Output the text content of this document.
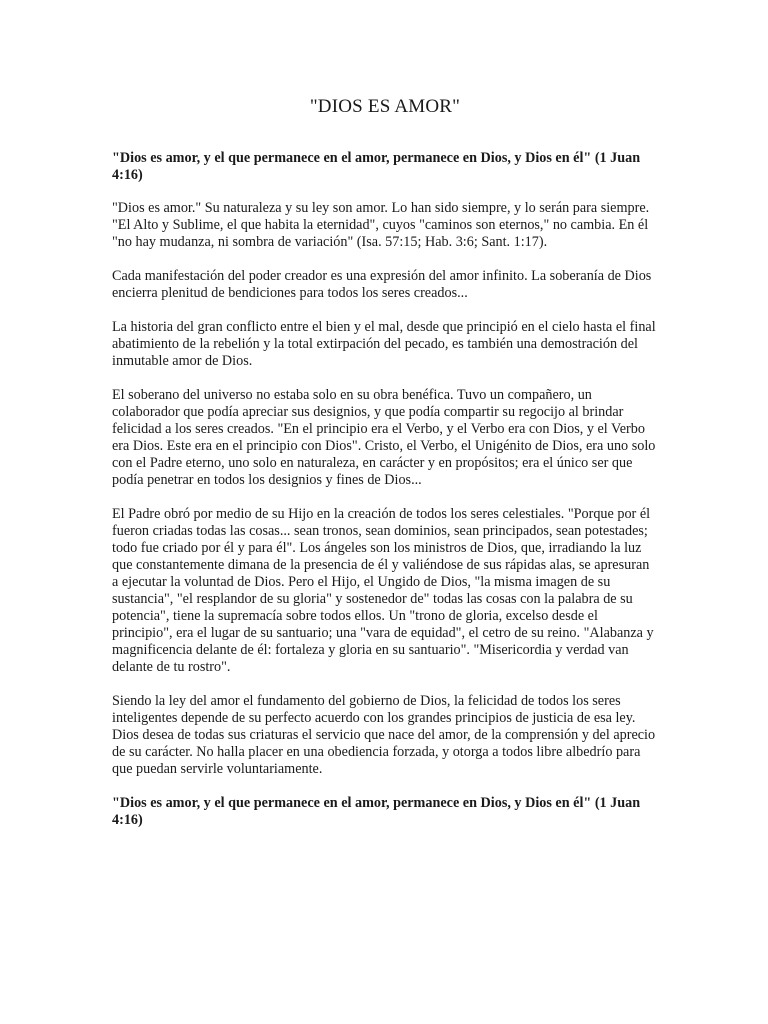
"DIOS ES AMOR"

"Dios es amor, y el que permanece en el amor, permanece en Dios, y Dios en él" (1 Juan 4:16)

"Dios es amor." Su naturaleza y su ley son amor. Lo han sido siempre, y lo serán para siempre. "El Alto y Sublime, el que habita la eternidad", cuyos "caminos son eternos," no cambia. En él "no hay mudanza, ni sombra de variación" (Isa. 57:15; Hab. 3:6; Sant. 1:17).

Cada manifestación del poder creador es una expresión del amor infinito. La soberanía de Dios encierra plenitud de bendiciones para todos los seres creados...

La historia del gran conflicto entre el bien y el mal, desde que principió en el cielo hasta el final abatimiento de la rebelión y la total extirpación del pecado, es también una demostración del inmutable amor de Dios.

El soberano del universo no estaba solo en su obra benéfica. Tuvo un compañero, un colaborador que podía apreciar sus designios, y que podía compartir su regocijo al brindar felicidad a los seres creados. "En el principio era el Verbo, y el Verbo era con Dios, y el Verbo era Dios. Este era en el principio con Dios". Cristo, el Verbo, el Unigénito de Dios, era uno solo con el Padre eterno, uno solo en naturaleza, en carácter y en propósitos; era el único ser que podía penetrar en todos los designios y fines de Dios...

El Padre obró por medio de su Hijo en la creación de todos los seres celestiales. "Porque por él fueron criadas todas las cosas... sean tronos, sean dominios, sean principados, sean potestades; todo fue criado por él y para él". Los ángeles son los ministros de Dios, que, irradiando la luz que constantemente dimana de la presencia de él y valiéndose de sus rápidas alas, se apresuran a ejecutar la voluntad de Dios. Pero el Hijo, el Ungido de Dios, "la misma imagen de su sustancia", "el resplandor de su gloria" y sostenedor de" todas las cosas con la palabra de su potencia", tiene la supremacía sobre todos ellos. Un "trono de gloria, excelso desde el principio", era el lugar de su santuario; una "vara de equidad", el cetro de su reino. "Alabanza y magnificencia delante de él: fortaleza y gloria en su santuario". "Misericordia y verdad van delante de tu rostro".

Siendo la ley del amor el fundamento del gobierno de Dios, la felicidad de todos los seres inteligentes depende de su perfecto acuerdo con los grandes principios de justicia de esa ley. Dios desea de todas sus criaturas el servicio que nace del amor, de la comprensión y del aprecio de su carácter. No halla placer en una obediencia forzada, y otorga a todos libre albedrío para que puedan servirle voluntariamente.

"Dios es amor, y el que permanece en el amor, permanece en Dios, y Dios en él" (1 Juan 4:16)
